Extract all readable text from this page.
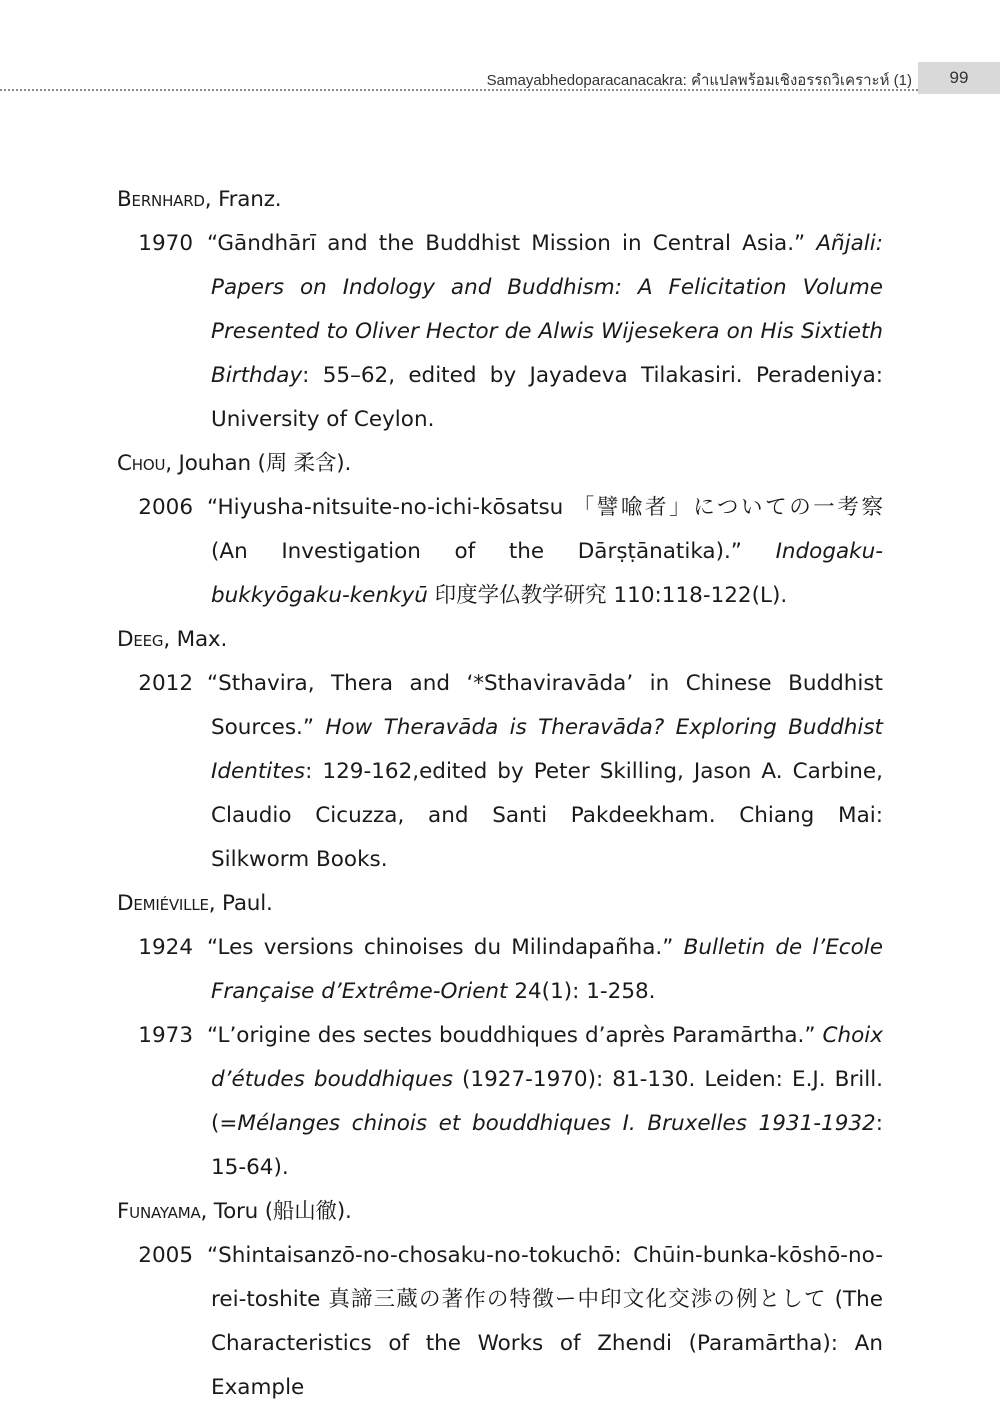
Samayabhedoparacanacakra: คำแปลพร้อมเชิงอรรถวิเคราะห์ (1)	99

Bernhard, Franz.

1970 “Gāndhārī and the Buddhist Mission in Central Asia.” Añjali: Papers on Indology and Buddhism: A Felicitation Volume Presented to Oliver Hector de Alwis Wijesekera on His Sixtieth Birthday: 55–62, edited by Jayadeva Tilakasiri. Peradeniya: University of Ceylon.

Chou, Jouhan (周 柔含).

2006 “Hiyusha-nitsuite-no-ichi-kōsatsu 「譬喩者」についての一考察 (An Investigation of the Dārṣṭānatika).” Indogaku-bukkyōgaku-kenkyū 印度学仏教学研究 110:118-122(L).

Deeg, Max.

2012 “Sthavira, Thera and ‘*Sthaviravāda’ in Chinese Buddhist Sources.” How Theravāda is Theravāda? Exploring Buddhist Identites: 129-162,edited by Peter Skilling, Jason A. Carbine, Claudio Cicuzza, and Santi Pakdeekham. Chiang Mai: Silkworm Books.

Demiéville, Paul.

1924 “Les versions chinoises du Milindapañha.” Bulletin de l’Ecole Française d’Extrême-Orient 24(1): 1-258.
1973 “L’origine des sectes bouddhiques d’après Paramārtha.” Choix d’études bouddhiques (1927-1970): 81-130. Leiden: E.J. Brill. (=Mélanges chinois et bouddhiques I. Bruxelles 1931-1932: 15-64).

Funayama, Toru (船山徹).

2005 “Shintaisanzō-no-chosaku-no-tokuchō: Chūin-bunka-kōshō-no-rei-toshite 真諦三蔵の著作の特徴ー中印文化交渉の例として (The Characteristics of the Works of Zhendi (Paramārtha): An Example
